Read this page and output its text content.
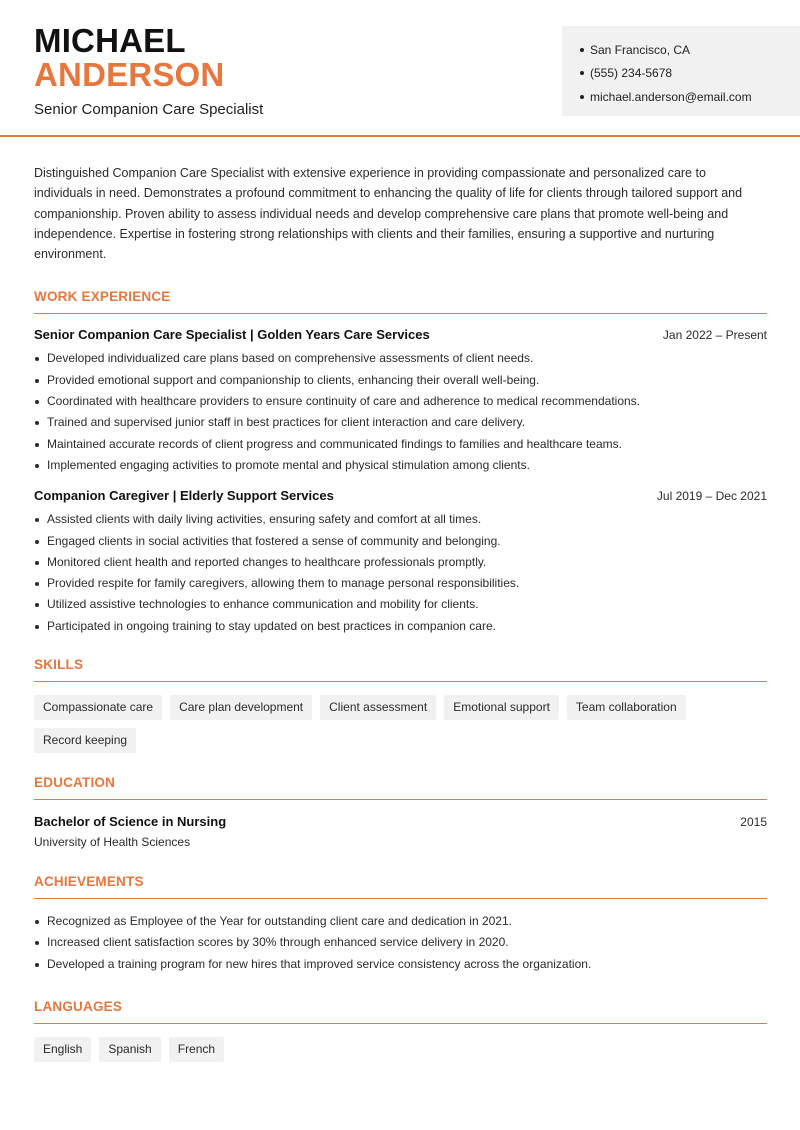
MICHAEL
ANDERSON
Senior Companion Care Specialist
San Francisco, CA
(555) 234-5678
michael.anderson@email.com

Distinguished Companion Care Specialist with extensive experience in providing compassionate and personalized care to individuals in need. Demonstrates a profound commitment to enhancing the quality of life for clients through tailored support and companionship. Proven ability to assess individual needs and develop comprehensive care plans that promote well-being and independence. Expertise in fostering strong relationships with clients and their families, ensuring a supportive and nurturing environment.

WORK EXPERIENCE
Senior Companion Care Specialist | Golden Years Care Services	Jan 2022 – Present
Developed individualized care plans based on comprehensive assessments of client needs.
Provided emotional support and companionship to clients, enhancing their overall well-being.
Coordinated with healthcare providers to ensure continuity of care and adherence to medical recommendations.
Trained and supervised junior staff in best practices for client interaction and care delivery.
Maintained accurate records of client progress and communicated findings to families and healthcare teams.
Implemented engaging activities to promote mental and physical stimulation among clients.
Companion Caregiver | Elderly Support Services	Jul 2019 – Dec 2021
Assisted clients with daily living activities, ensuring safety and comfort at all times.
Engaged clients in social activities that fostered a sense of community and belonging.
Monitored client health and reported changes to healthcare professionals promptly.
Provided respite for family caregivers, allowing them to manage personal responsibilities.
Utilized assistive technologies to enhance communication and mobility for clients.
Participated in ongoing training to stay updated on best practices in companion care.
SKILLS
Compassionate care	Care plan development	Client assessment	Emotional support	Team collaboration
Record keeping
EDUCATION
Bachelor of Science in Nursing	2015
University of Health Sciences
ACHIEVEMENTS
Recognized as Employee of the Year for outstanding client care and dedication in 2021.
Increased client satisfaction scores by 30% through enhanced service delivery in 2020.
Developed a training program for new hires that improved service consistency across the organization.
LANGUAGES
English	Spanish	French
